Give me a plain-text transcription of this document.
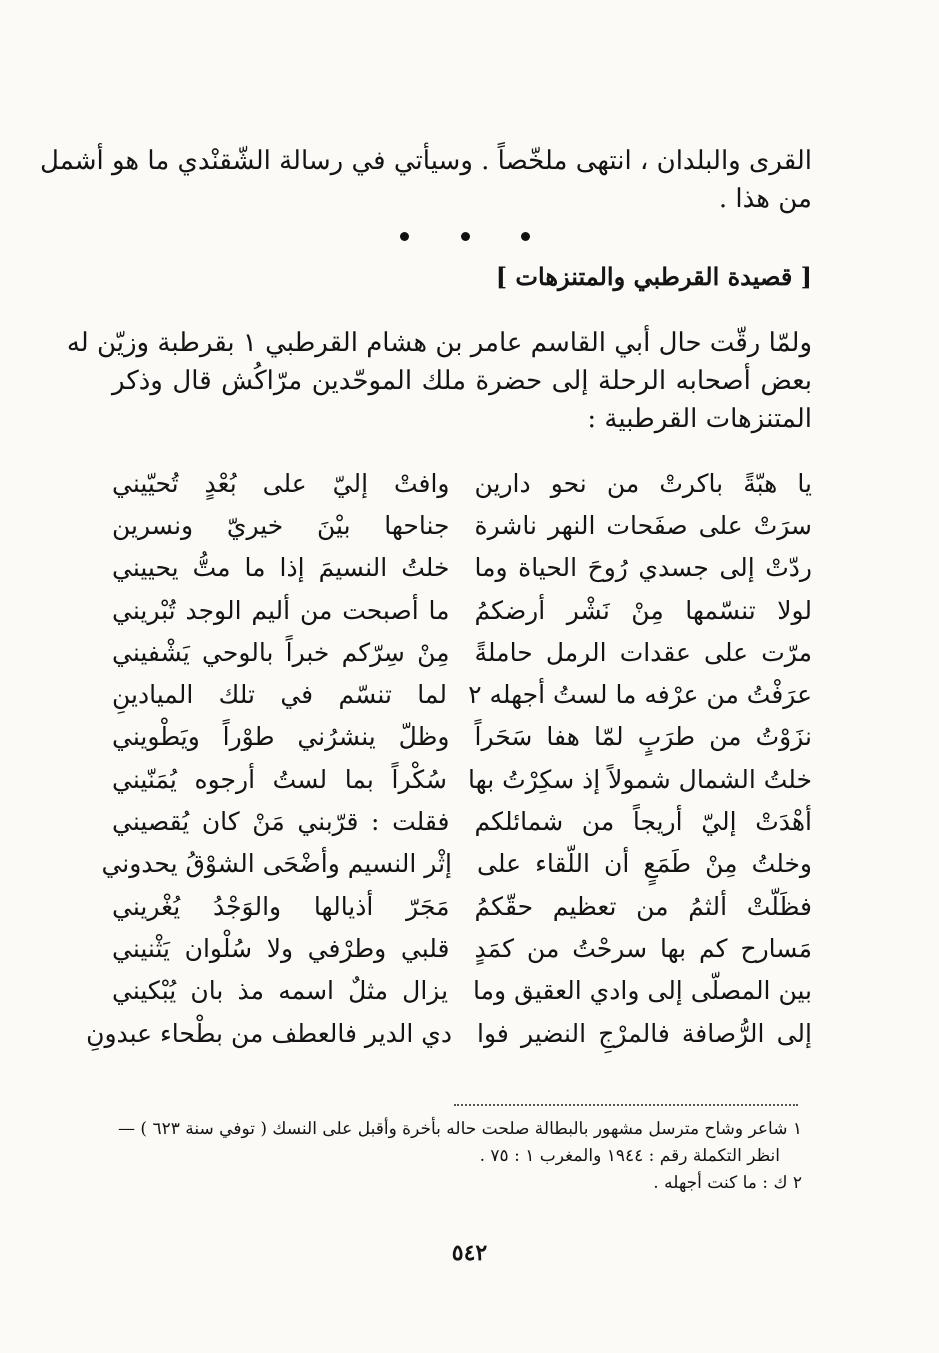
القرى والبلدان ، انتهى ملخّصاً . وسيأتي في رسالة الشّقنْدي ما هو أشمل
من هذا .
[ قصيدة القرطبي والمتنزهات ]
ولمّا رقّت حال أبي القاسم عامر بن هشام القرطبي ١ بقرطبة وزيّن له
بعض أصحابه الرحلة إلى حضرة ملك الموحّدين مرّاكُش قال وذكر
المتنزهات القرطبية :
يا هبّةً باكرتْ من نحو دارين
وافتْ إليّ على بُعْدٍ تُحيّيني
سرَتْ على صفَحات النهر ناشرة
جناحها بيْنَ خيريّ ونسرين
ردّتْ إلى جسدي رُوحَ الحياة وما
خلتُ النسيمَ إذا ما متُّ يحييني
لولا تنسّمها مِنْ نَشْر أرضكمُ
ما أصبحت من أليم الوجد تُبْريني
مرّت على عقدات الرمل حاملةً
مِنْ سِرّكم خبراً بالوحي يَشْفيني
عرَفْتُ من عرْفه ما لستُ أجهله ٢
لما تنسّم في تلك الميادينِ
نزَوْتُ من طرَبٍ لمّا هفا سَحَراً
وظلّ ينشرُني طوْراً ويَطْويني
خلتُ الشمال شمولاً إذ سكِرْتُ بها
سُكْراً بما لستُ أرجوه يُمَنّيني
أهْدَتْ إليّ أريجاً من شمائلكم
فقلت : قرّبني مَنْ كان يُقصيني
وخلتُ مِنْ طَمَعٍ أن اللّقاء على
إثْر النسيم وأضْحَى الشوْقُ يحدوني
فظَلّتْ ألثمُ من تعظيم حقّكمُ
مَجَرّ أذيالها والوَجْدُ يُغْريني
مَسارح كم بها سرحْتُ من كمَدٍ
قلبي وطرْفي ولا سُلْوان يَثْنيني
بين المصلّى إلى وادي العقيق وما
يزال مثلٌ اسمه مذ بان يُبْكيني
إلى الرُّصافة فالمرْجِ النضير فوا
دي الدير فالعطف من بطْحاء عبدونِ
١ شاعر وشاح مترسل مشهور بالبطالة صلحت حاله بأخرة وأقبل على النسك ( توفي سنة ٦٢٣ ) —
انظر التكملة رقم : ١٩٤٤ والمغرب ١ : ٧٥ .
٢ ك : ما كنت أجهله .
٥٤٢
